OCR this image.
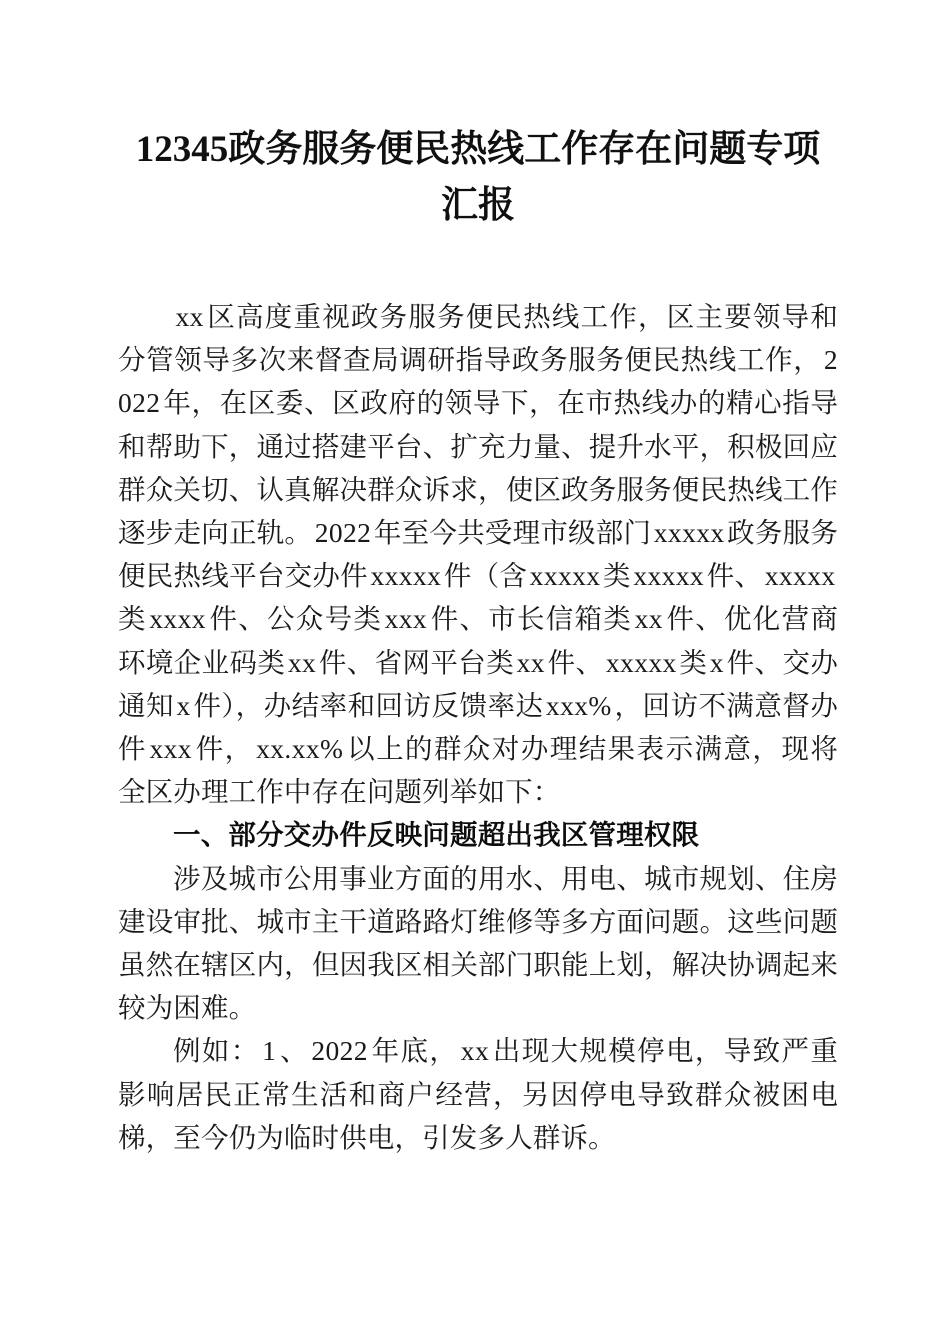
12345政务服务便民热线工作存在问题专项汇报

xx区高度重视政务服务便民热线工作，区主要领导和分管领导多次来督查局调研指导政务服务便民热线工作，2022年，在区委、区政府的领导下，在市热线办的精心指导和帮助下，通过搭建平台、扩充力量、提升水平，积极回应群众关切、认真解决群众诉求，使区政务服务便民热线工作逐步走向正轨。2022年至今共受理市级部门xxxxx政务服务便民热线平台交办件xxxxx件（含xxxxx类xxxxx件、xxxxx类xxxx件、公众号类xxx件、市长信箱类xx件、优化营商环境企业码类xx件、省网平台类xx件、xxxxx类x件、交办通知x件），办结率和回访反馈率达xxx%，回访不满意督办件xxx件，xx.xx%以上的群众对办理结果表示满意，现将全区办理工作中存在问题列举如下：

一、部分交办件反映问题超出我区管理权限

涉及城市公用事业方面的用水、用电、城市规划、住房建设审批、城市主干道路路灯维修等多方面问题。这些问题虽然在辖区内，但因我区相关部门职能上划，解决协调起来较为困难。

例如：1、2022年底，xx出现大规模停电，导致严重影响居民正常生活和商户经营，另因停电导致群众被困电梯，至今仍为临时供电，引发多人群诉。
